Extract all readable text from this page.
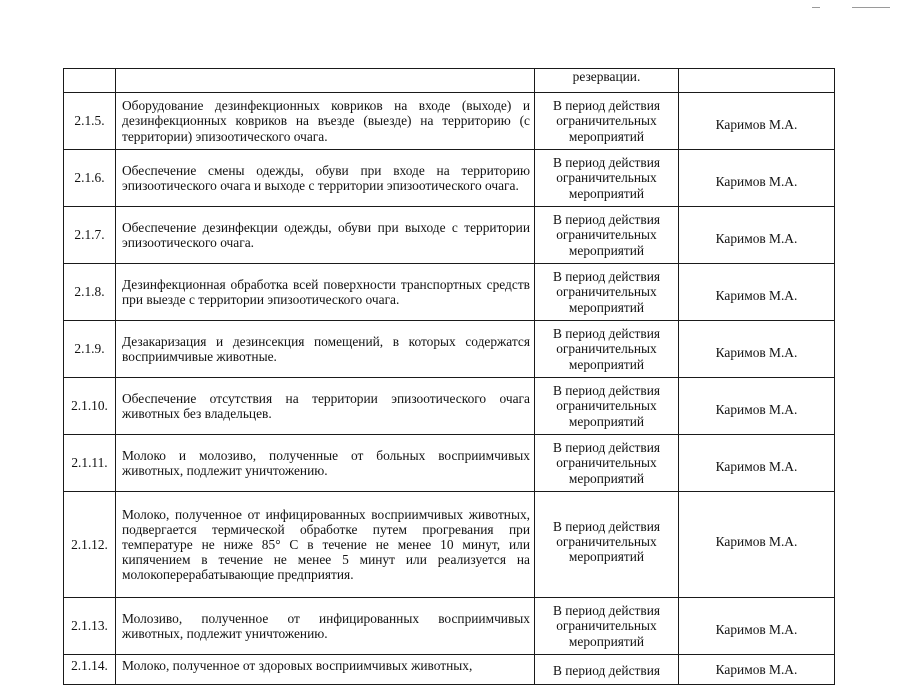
		резервации.	
2.1.5.	Оборудование дезинфекционных ковриков на входе (выходе) и дезинфекционных ковриков на въезде (выезде) на территорию (с территории) эпизоотического очага.	В период действия ограничительных мероприятий	Каримов М.А.
2.1.6.	Обеспечение смены одежды, обуви при входе на территорию эпизоотического очага и выходе с территории эпизоотического очага.	В период действия ограничительных мероприятий	Каримов М.А.
2.1.7.	Обеспечение дезинфекции одежды, обуви при выходе с территории эпизоотического очага.	В период действия ограничительных мероприятий	Каримов М.А.
2.1.8.	Дезинфекционная обработка всей поверхности транспортных средств при выезде с территории эпизоотического очага.	В период действия ограничительных мероприятий	Каримов М.А.
2.1.9.	Дезакаризация и дезинсекция помещений, в которых содержатся восприимчивые животные.	В период действия ограничительных мероприятий	Каримов М.А.
2.1.10.	Обеспечение отсутствия на территории эпизоотического очага животных без владельцев.	В период действия ограничительных мероприятий	Каримов М.А.
2.1.11.	Молоко и молозиво, полученные от больных восприимчивых животных, подлежит уничтожению.	В период действия ограничительных мероприятий	Каримов М.А.
2.1.12.	Молоко, полученное от инфицированных восприимчивых животных, подвергается термической обработке путем прогревания при температуре не ниже 85° С в течение не менее 10 минут, или кипячением в течение не менее 5 минут или реализуется на молокоперерабатывающие предприятия.	В период действия ограничительных мероприятий	Каримов М.А.
2.1.13.	Молозиво, полученное от инфицированных восприимчивых животных, подлежит уничтожению.	В период действия ограничительных мероприятий	Каримов М.А.
2.1.14.	Молоко, полученное от здоровых восприимчивых животных,	В период действия	Каримов М.А.
